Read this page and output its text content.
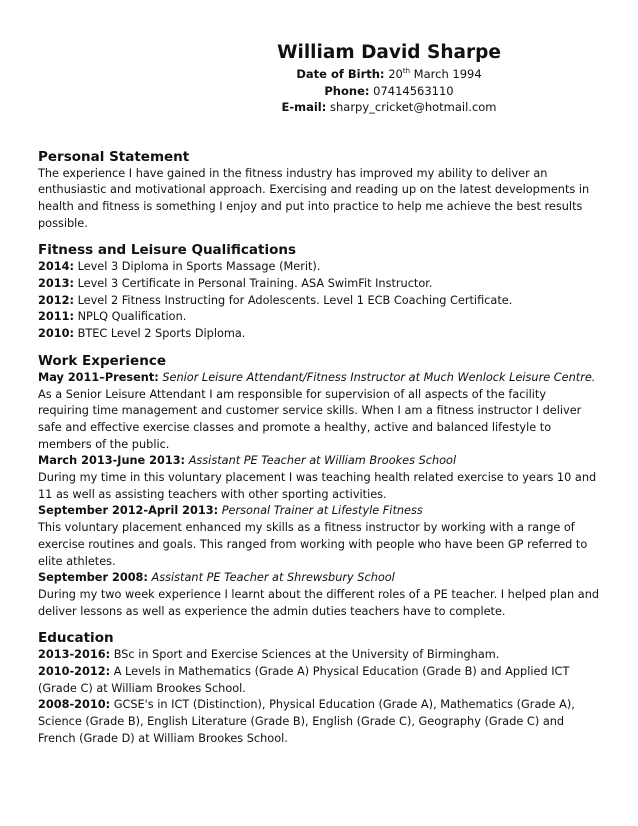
William David Sharpe
Date of Birth: 20th March 1994
Phone: 07414563110
E-mail: sharpy_cricket@hotmail.com
Personal Statement

The experience I have gained in the fitness industry has improved my ability to deliver an enthusiastic and motivational approach. Exercising and reading up on the latest developments in health and fitness is something I enjoy and put into practice to help me achieve the best results possible.

Fitness and Leisure Qualifications
2014: Level 3 Diploma in Sports Massage (Merit).
2013: Level 3 Certificate in Personal Training. ASA SwimFit Instructor.
2012: Level 2 Fitness Instructing for Adolescents. Level 1 ECB Coaching Certificate.
2011: NPLQ Qualification.
2010: BTEC Level 2 Sports Diploma.
Work Experience

May 2011–Present: Senior Leisure Attendant/Fitness Instructor at Much Wenlock Leisure Centre.

As a Senior Leisure Attendant I am responsible for supervision of all aspects of the facility requiring time management and customer service skills. When I am a fitness instructor I deliver safe and effective exercise classes and promote a healthy, active and balanced lifestyle to members of the public.

March 2013-June 2013: Assistant PE Teacher at William Brookes School

During my time in this voluntary placement I was teaching health related exercise to years 10 and 11 as well as assisting teachers with other sporting activities.

September 2012-April 2013: Personal Trainer at Lifestyle Fitness

This voluntary placement enhanced my skills as a fitness instructor by working with a range of exercise routines and goals. This ranged from working with people who have been GP referred to elite athletes.

September 2008: Assistant PE Teacher at Shrewsbury School

During my two week experience I learnt about the different roles of a PE teacher. I helped plan and deliver lessons as well as experience the admin duties teachers have to complete.

Education

2013-2016: BSc in Sport and Exercise Sciences at the University of Birmingham.

2010-2012: A Levels in Mathematics (Grade A) Physical Education (Grade B) and Applied ICT (Grade C) at William Brookes School.

2008-2010: GCSE's in ICT (Distinction), Physical Education (Grade A), Mathematics (Grade A), Science (Grade B), English Literature (Grade B), English (Grade C), Geography (Grade C) and French (Grade D) at William Brookes School.
